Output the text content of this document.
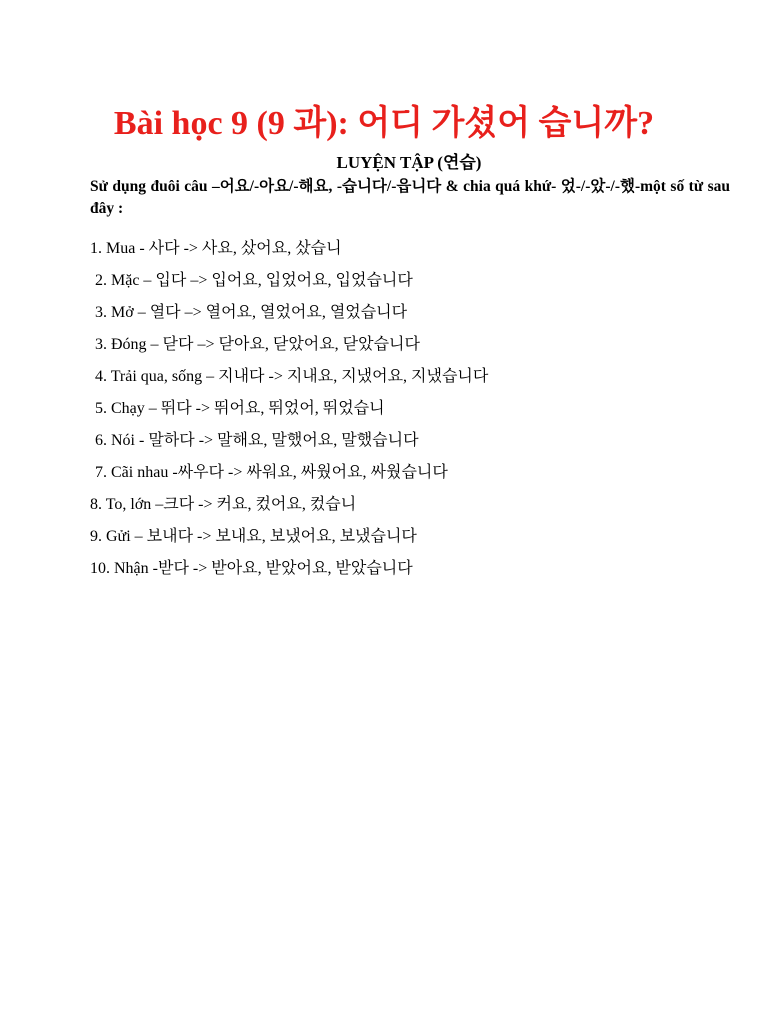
Bài học 9 (9 과): 어디 가셨어 습니까?
LUYỆN TẬP (연습)
Sử dụng đuôi câu –어요/-아요/-해요, -습니다/-읍니다 & chia quá khứ- 었-/-았-/-했-một số từ sau đây :
1. Mua - 사다 -> 사요, 샀어요, 샀습니
2. Mặc – 입다 –> 입어요, 입었어요, 입었습니다
3. Mở – 열다 –> 열어요, 열었어요, 열었습니다
3. Đóng – 닫다 –> 닫아요, 닫았어요, 닫았습니다
4. Trải qua, sống – 지내다 -> 지내요, 지냈어요, 지냈습니다
5. Chạy – 뛰다 -> 뛰어요, 뛰었어, 뛰었습니
6. Nói - 말하다 -> 말해요, 말했어요, 말했습니다
7. Cãi nhau -싸우다 -> 싸워요, 싸웠어요, 싸웠습니다
8. To, lớn –크다 -> 커요, 컸어요, 컸습니
9. Gửi – 보내다 -> 보내요, 보냈어요, 보냈습니다
10. Nhận -받다 -> 받아요, 받았어요, 받았습니다
